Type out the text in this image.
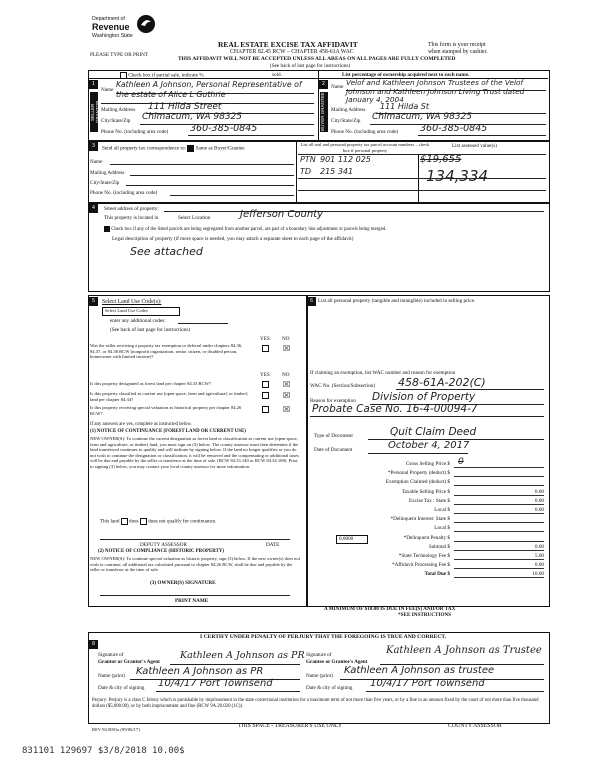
Department of
Revenue
Washington State
PLEASE TYPE OR PRINT
REAL ESTATE EXCISE TAX AFFIDAVIT
CHAPTER 82.45 RCW – CHAPTER 458-61A WAC
THIS AFFIDAVIT WILL NOT BE ACCEPTED UNLESS ALL AREAS ON ALL PAGES ARE FULLY COMPLETED
(See back of last page for instructions)
This form is your receipt
when stamped by cashier.
Check box if partial sale, indicate %	sold.	List percentage of ownership acquired next to each name.
1
SELLER GRANTOR
2
BUYER GRANTEE
Name
Kathleen A Johnson, Personal Representative of the estate of Alice L Guthrie
Mailing Address 111 Hilda Street
City/State/Zip Chimacum, WA 98325
Phone No. (including area code) 360-385-0845
Name Velof and Kathleen Johnson Trustees of the Velof Johnson and Kathleen Johnson Living Trust dated January 4, 2004
Mailing Address 111 Hilda St
City/State/Zip Chimacum, WA 98325
Phone No. (including area code) 360-385-0845
3	Send all property tax correspondence to: Same as Buyer/Grantee
Name
Mailing Address
City/State/Zip
Phone No. (including area code)
List all real and personal property tax parcel account numbers – check box if personal property
List assessed value(s)
PTN 901 112 025	$19,655
TD 215 341	134,334
4	Street address of property:
This property is located in	Select Location	Jefferson County
Check box if any of the listed parcels are being segregated from another parcel, are part of a boundary line adjustment or parcels being merged.
Legal description of property (if more space is needed, you may attach a separate sheet to each page of the affidavit)
See attached
5	Select Land Use Code(s):
Select Land Use Codes
enter any additional codes:
(See back of last page for instructions)
YES NO
Was the seller receiving a property tax exemption or deferral under chapters 84.36, 84.37, or 84.38 RCW (nonprofit organization, senior citizen, or disabled person, homeowner with limited income)?
☒
YES NO
Is this property designated as forest land per chapter 84.33 RCW?	☒
Is this property classified as current use (open space, farm and agricultural, or timber) land per chapter 84.34?	☒
Is this property receiving special valuation as historical property per chapter 84.26 RCW?	☒
If any answers are yes, complete as instructed below.
(1) NOTICE OF CONTINUANCE (FOREST LAND OR CURRENT USE)
NEW OWNER(S): To continue the current designation as forest land or classification as current use (open space, farm and agriculture, or timber) land, you must sign on (3) below. The county assessor must then determine if the land transferred continues to qualify and will indicate by signing below. If the land no longer qualifies or you do not wish to continue the designation or classification, it will be removed and the compensating or additional taxes will be due and payable by the seller or transferor at the time of sale. (RCW 84.33.140 or RCW 84.34.108). Prior to signing (3) below, you may contact your local county assessor for more information.
This land does does not qualify for continuance.
DEPUTY ASSESSOR	DATE
(2) NOTICE OF COMPLIANCE (HISTORIC PROPERTY)
NEW OWNER(S): To continue special valuation as historic property, sign (3) below. If the new owner(s) does not wish to continue, all additional tax calculated pursuant to chapter 84.26 RCW, shall be due and payable by the seller or transferor at the time of sale.
(3) OWNER(S) SIGNATURE
PRINT NAME
6 List all personal property (tangible and intangible) included in selling price.
If claiming an exemption, list WAC number and reason for exemption
WAC No. (Section/Subsection) 458-61A-202(C)
Reason for exemption Division of Property
Probate Case No. 16-4-00094-7
Type of Document	Quit Claim Deed
Date of Document	October 4, 2017
Gross Selling Price $ 0
*Personal Property (deduct) $
Exemption Claimed (deduct) $
Taxable Selling Price $	0.00
Excise Tax : State $	0.00
Local $	0.00
*Delinquent Interest: State $
Local $
*Delinquent Penalty $
Subtotal $	0.00
*State Technology Fee $	5.00
*Affidavit Processing Fee $	0.00
Total Due $	10.00
0.0000
A MINIMUM OF $10.00 IS DUE IN FEE(S) AND/OR TAX
*SEE INSTRUCTIONS
8
I CERTIFY UNDER PENALTY OF PERJURY THAT THE FOREGOING IS TRUE AND CORRECT.
Signature of
Grantor or Grantor's Agent
Kathleen A Johnson as PR
Name (print) Kathleen A Johnson as PR
Date & city of signing 10/4/17 Port Townsend
Signature of
Grantee or Grantee's Agent
Kathleen A Johnson as Trustee
Name (print) Kathleen A Johnson as trustee
Date & city of signing 10/4/17 Port Townsend
Perjury: Perjury is a class C felony which is punishable by imprisonment in the state correctional institution for a maximum term of not more than five years, or by a fine in an amount fixed by the court of not more than five thousand dollars ($5,000.00), or by both imprisonment and fine (RCW 9A.20.020 (1C)).
REV 84 0001a (09/06/17)
THIS SPACE - TREASURER'S USE ONLY	COUNTY ASSESSOR
831101 129697 $3/8/2018 10.00$
